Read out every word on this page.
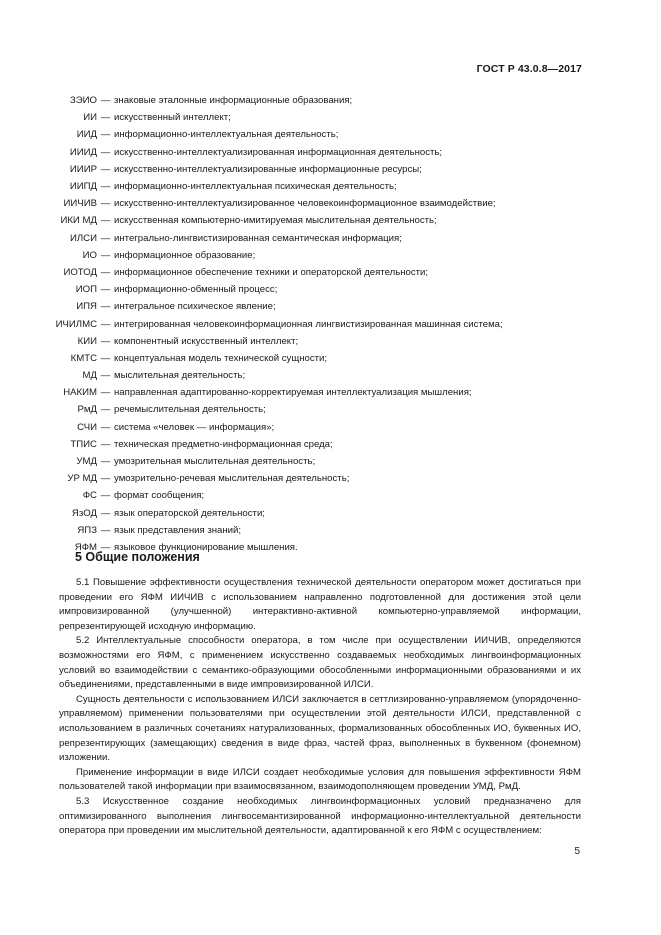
ГОСТ Р 43.0.8—2017
ЗЭИО — знаковые эталонные информационные образования;
ИИ — искусственный интеллект;
ИИД — информационно-интеллектуальная деятельность;
ИИИД — искусственно-интеллектуализированная информационная деятельность;
ИИИР — искусственно-интеллектуализированные информационные ресурсы;
ИИПД — информационно-интеллектуальная психическая деятельность;
ИИЧИВ — искусственно-интеллектуализированное человекоинформационное взаимодействие;
ИКИ МД — искусственная компьютерно-имитируемая мыслительная деятельность;
ИЛСИ — интегрально-лингвистизированная семантическая информация;
ИО — информационное образование;
ИОТОД — информационное обеспечение техники и операторской деятельности;
ИОП — информационно-обменный процесс;
ИПЯ — интегральное психическое явление;
ИЧИЛМС — интегрированная человекоинформационная лингвистизированная машинная система;
КИИ — компонентный искусственный интеллект;
КМТС — концептуальная модель технической сущности;
МД — мыслительная деятельность;
НАКИМ — направленная адаптированно-корректируемая интеллектуализация мышления;
РмД — речемыслительная деятельность;
СЧИ — система «человек — информация»;
ТПИС — техническая предметно-информационная среда;
УМД — умозрительная мыслительная деятельность;
УР МД — умозрительно-речевая мыслительная деятельность;
ФС — формат сообщения;
ЯзОД — язык операторской деятельности;
ЯПЗ — язык представления знаний;
ЯФМ — языковое функционирование мышления.
5 Общие положения

5.1 Повышение эффективности осуществления технической деятельности оператором может достигаться при проведении его ЯФМ ИИЧИВ с использованием направленно подготовленной для достижения этой цели импровизированной (улучшенной) интерактивно-активной компьютерно-управляемой информации, репрезентирующей исходную информацию.

5.2 Интеллектуальные способности оператора, в том числе при осуществлении ИИЧИВ, определяются возможностями его ЯФМ, с применением искусственно создаваемых необходимых лингвоинформационных условий во взаимодействии с семантико-образующими обособленными информационными образованиями и их объединениями, представленными в виде импровизированной ИЛСИ.

Сущность деятельности с использованием ИЛСИ заключается в сеттлизированно-управляемом (упорядоченно-управляемом) применении пользователями при осуществлении этой деятельности ИЛСИ, представленной с использованием в различных сочетаниях натурализованных, формализованных обособленных ИО, буквенных ИО, репрезентирующих (замещающих) сведения в виде фраз, частей фраз, выполненных в буквенном (фонемном) изложении.

Применение информации в виде ИЛСИ создает необходимые условия для повышения эффективности ЯФМ пользователей такой информации при взаимосвязанном, взаимодополняющем проведении УМД, РмД.

5.3 Искусственное создание необходимых лингвоинформационных условий предназначено для оптимизированного выполнения лингвосемантизированной информационно-интеллектуальной деятельности оператора при проведении им мыслительной деятельности, адаптированной к его ЯФМ с осуществлением:

5
